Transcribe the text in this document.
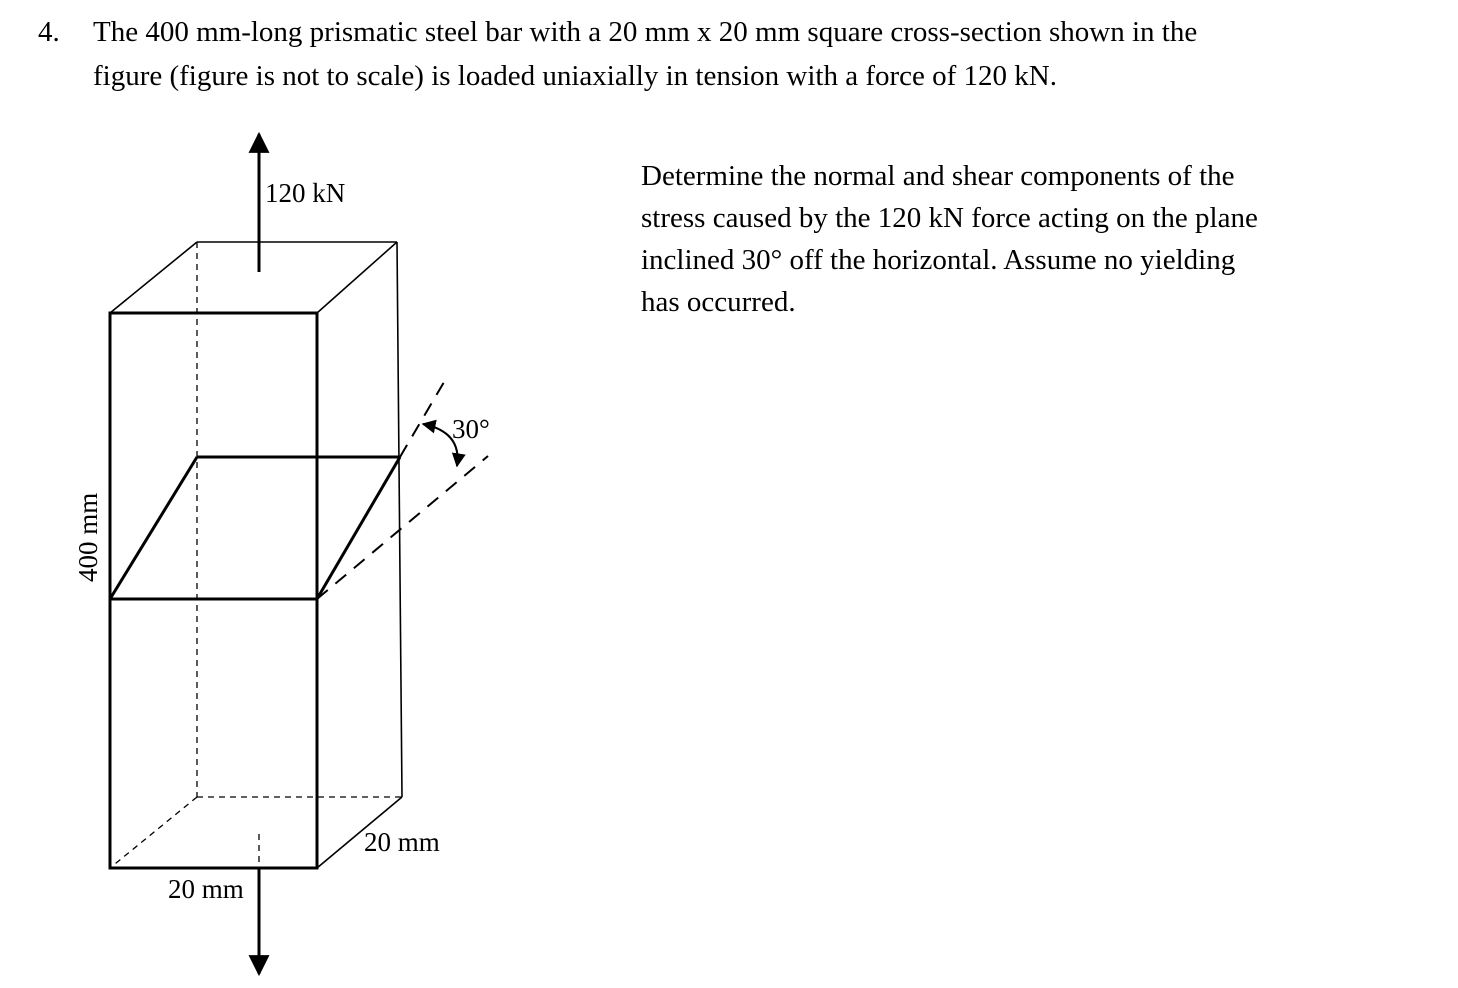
4. The 400 mm-long prismatic steel bar with a 20 mm x 20 mm square cross-section shown in the
figure (figure is not to scale) is loaded uniaxially in tension with a force of 120 kN.
Determine the normal and shear components of the
stress caused by the 120 kN force acting on the plane
inclined 30° off the horizontal. Assume no yielding
has occurred.
30°
120 kN
20 mm
20 mm
400 mm
